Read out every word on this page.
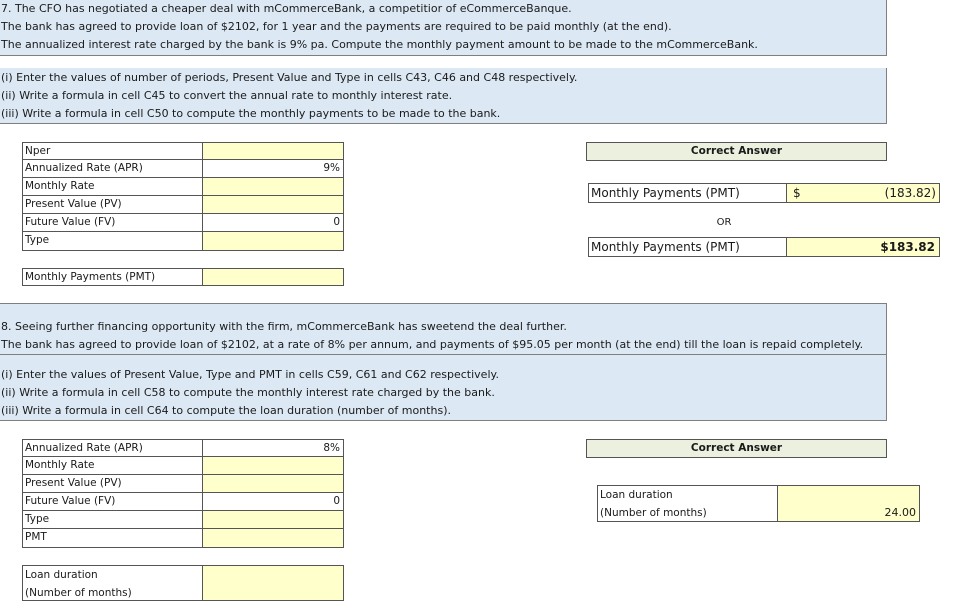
7. The CFO has negotiated a cheaper deal with mCommerceBank, a competitior of eCommerceBanque.
The bank has agreed to provide loan of $2102, for 1 year and the payments are required to be paid monthly (at the end).
The annualized interest rate charged by the bank is 9% pa. Compute the monthly payment amount to be made to the mCommerceBank.
(i) Enter the values of number of periods, Present Value and Type in cells C43, C46 and C48 respectively.
(ii) Write a formula in cell C45 to convert the annual rate to monthly interest rate.
(iii) Write a formula in cell C50 to compute the monthly payments to be made to the bank.
Nper
Annualized Rate (APR)	9%
Monthly Rate
Present Value (PV)
Future Value (FV)	0
Type
Monthly Payments (PMT)
Correct Answer
Monthly Payments (PMT)	$	(183.82)
OR
Monthly Payments (PMT)	$183.82
8. Seeing further financing opportunity with the firm, mCommerceBank has sweetend the deal further.
The bank has agreed to provide loan of $2102, at a rate of 8% per annum, and payments of $95.05 per month (at the end) till the loan is repaid completely.
(i) Enter the values of Present Value, Type and PMT in cells C59, C61 and C62 respectively.
(ii) Write a formula in cell C58 to compute the monthly interest rate charged by the bank.
(iii) Write a formula in cell C64 to compute the loan duration (number of months).
Annualized Rate (APR)	8%
Monthly Rate
Present Value (PV)
Future Value (FV)	0
Type
PMT
Loan duration
(Number of months)
Correct Answer
Loan duration
(Number of months)	24.00
